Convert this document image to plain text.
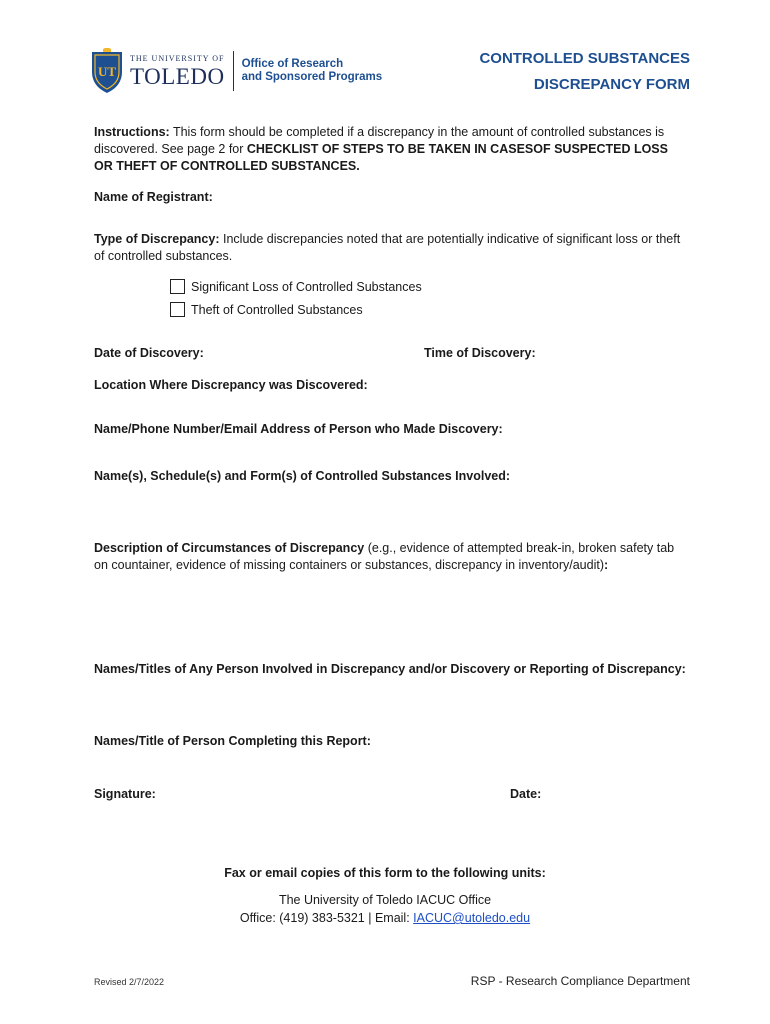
UT
THE UNIVERSITY OF
TOLEDO Office of Research
and Sponsored Programs
CONTROLLED SUBSTANCES
DISCREPANCY FORM
Instructions: This form should be completed if a discrepancy in the amount of controlled substances is discovered. See page 2 for CHECKLIST OF STEPS TO BE TAKEN IN CASESOF SUSPECTED LOSS OR THEFT OF CONTROLLED SUBSTANCES.
Name of Registrant:
Type of Discrepancy: Include discrepancies noted that are potentially indicative of significant loss or theft of controlled substances.
Significant Loss of Controlled Substances
Theft of Controlled Substances
Date of Discovery:	Time of Discovery:
Location Where Discrepancy was Discovered:
Name/Phone Number/Email Address of Person who Made Discovery:
Name(s), Schedule(s) and Form(s) of Controlled Substances Involved:
Description of Circumstances of Discrepancy (e.g., evidence of attempted break-in, broken safety tab on countainer, evidence of missing containers or substances, discrepancy in inventory/audit):
Names/Titles of Any Person Involved in Discrepancy and/or Discovery or Reporting of Discrepancy:
Names/Title of Person Completing this Report:
Signature:	Date:
Fax or email copies of this form to the following units:
The University of Toledo IACUC Office
Office: (419) 383-5321 | Email: IACUC@utoledo.edu
Revised 2/7/2022	RSP - Research Compliance Department
